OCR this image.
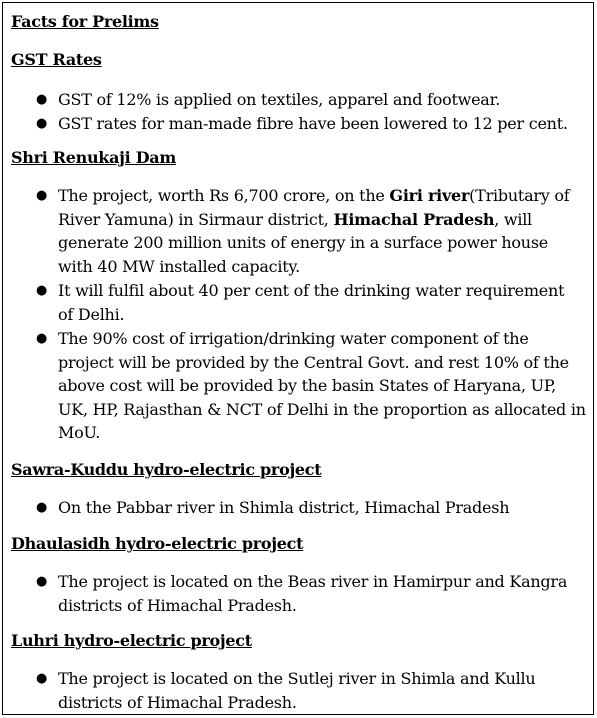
Facts for Prelims
GST Rates
● GST of 12% is applied on textiles, apparel and footwear.
● GST rates for man-made fibre have been lowered to 12 per cent.
Shri Renukaji Dam
● The project, worth Rs 6,700 crore, on the Giri river(Tributary of
River Yamuna) in Sirmaur district, Himachal Pradesh, will
generate 200 million units of energy in a surface power house
with 40 MW installed capacity.
● It will fulfil about 40 per cent of the drinking water requirement
of Delhi.
● The 90% cost of irrigation/drinking water component of the
project will be provided by the Central Govt. and rest 10% of the
above cost will be provided by the basin States of Haryana, UP,
UK, HP, Rajasthan & NCT of Delhi in the proportion as allocated in
MoU.
Sawra-Kuddu hydro-electric project
● On the Pabbar river in Shimla district, Himachal Pradesh
Dhaulasidh hydro-electric project
● The project is located on the Beas river in Hamirpur and Kangra
districts of Himachal Pradesh.
Luhri hydro-electric project
● The project is located on the Sutlej river in Shimla and Kullu
districts of Himachal Pradesh.
